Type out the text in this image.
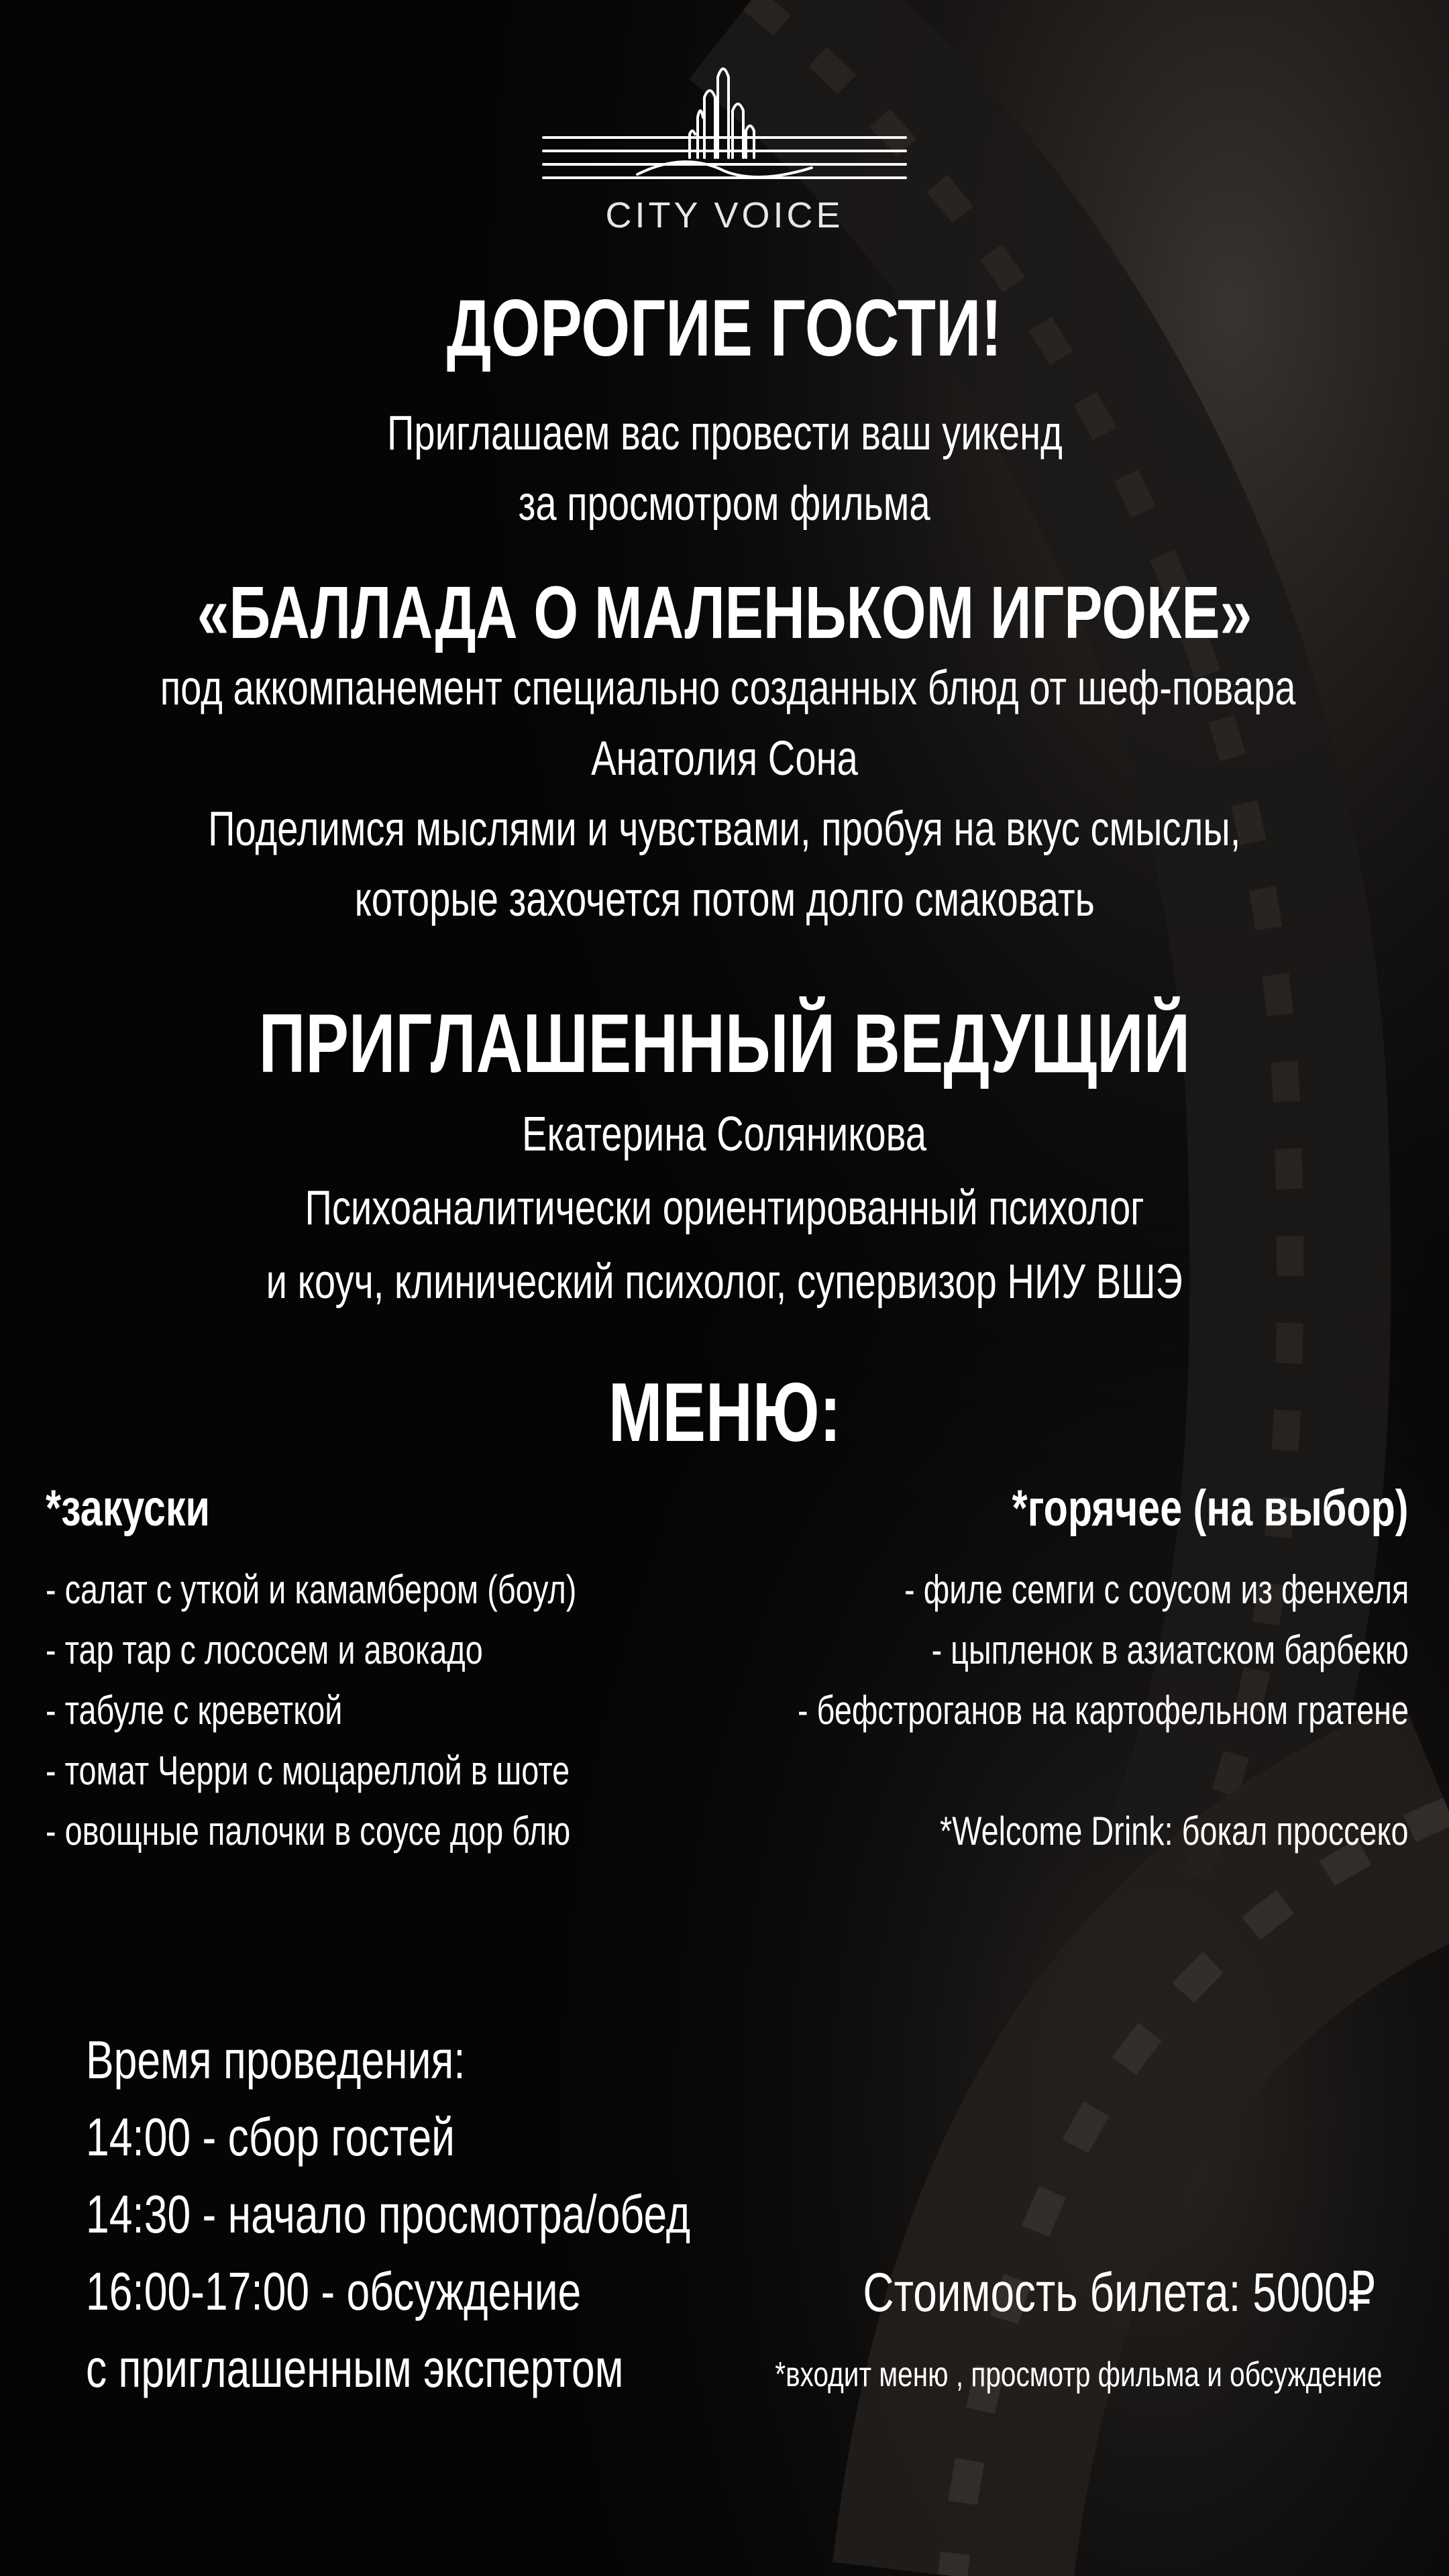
CITY VOICE
ДОРОГИЕ ГОСТИ!
Приглашаем вас провести ваш уикенд
за просмотром фильма
«БАЛЛАДА О МАЛЕНЬКОМ ИГРОКЕ»
под аккомпанемент специально созданных блюд от шеф-повара
Анатолия Сона
Поделимся мыслями и чувствами, пробуя на вкус смыслы,
которые захочется потом долго смаковать
ПРИГЛАШЕННЫЙ ВЕДУЩИЙ
Екатерина Соляникова
Психоаналитически ориентированный психолог
и коуч, клинический психолог, супервизор НИУ ВШЭ
МЕНЮ:
*закуски
- салат с уткой и камамбером (боул)
- тар тар с лососем и авокадо
- табуле с креветкой
- томат Черри с моцареллой в шоте
- овощные палочки в соусе дор блю
*горячее (на выбор)
- филе семги с соусом из фенхеля
- цыпленок в азиатском барбекю
- бефстроганов на картофельном гратене
*Welcome Drink: бокал проссеко
Время проведения:
14:00 - сбор гостей
14:30 - начало просмотра/обед
16:00-17:00 - обсуждение
с приглашенным экспертом
Стоимость билета: 5000₽
*входит меню , просмотр фильма и обсуждение
